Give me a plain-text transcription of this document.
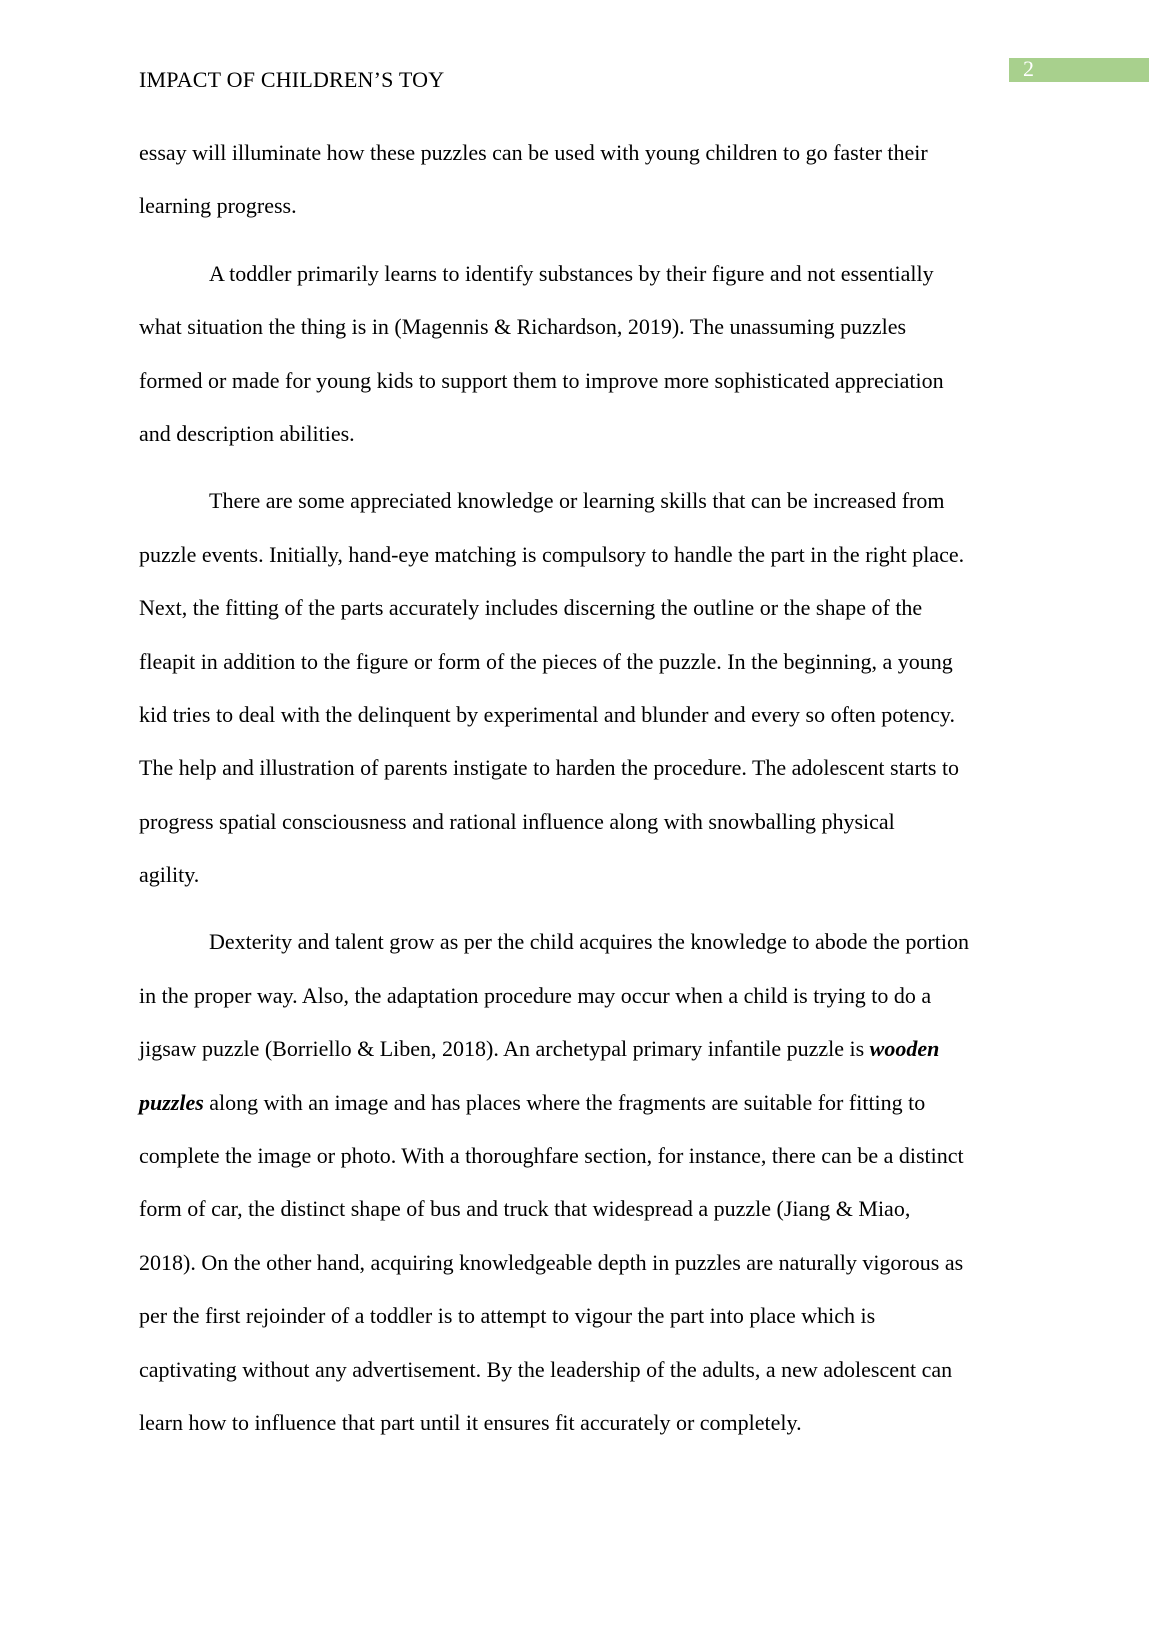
IMPACT OF CHILDREN’S TOY	2

essay will illuminate how these puzzles can be used with young children to go faster their
learning progress.

A toddler primarily learns to identify substances by their figure and not essentially
what situation the thing is in (Magennis & Richardson, 2019). The unassuming puzzles
formed or made for young kids to support them to improve more sophisticated appreciation
and description abilities.

There are some appreciated knowledge or learning skills that can be increased from
puzzle events. Initially, hand-eye matching is compulsory to handle the part in the right place.
Next, the fitting of the parts accurately includes discerning the outline or the shape of the
fleapit in addition to the figure or form of the pieces of the puzzle. In the beginning, a young
kid tries to deal with the delinquent by experimental and blunder and every so often potency.
The help and illustration of parents instigate to harden the procedure. The adolescent starts to
progress spatial consciousness and rational influence along with snowballing physical
agility.

Dexterity and talent grow as per the child acquires the knowledge to abode the portion
in the proper way. Also, the adaptation procedure may occur when a child is trying to do a
jigsaw puzzle (Borriello & Liben, 2018). An archetypal primary infantile puzzle is wooden
puzzles along with an image and has places where the fragments are suitable for fitting to
complete the image or photo. With a thoroughfare section, for instance, there can be a distinct
form of car, the distinct shape of bus and truck that widespread a puzzle (Jiang & Miao,
2018). On the other hand, acquiring knowledgeable depth in puzzles are naturally vigorous as
per the first rejoinder of a toddler is to attempt to vigour the part into place which is
captivating without any advertisement. By the leadership of the adults, a new adolescent can
learn how to influence that part until it ensures fit accurately or completely.
